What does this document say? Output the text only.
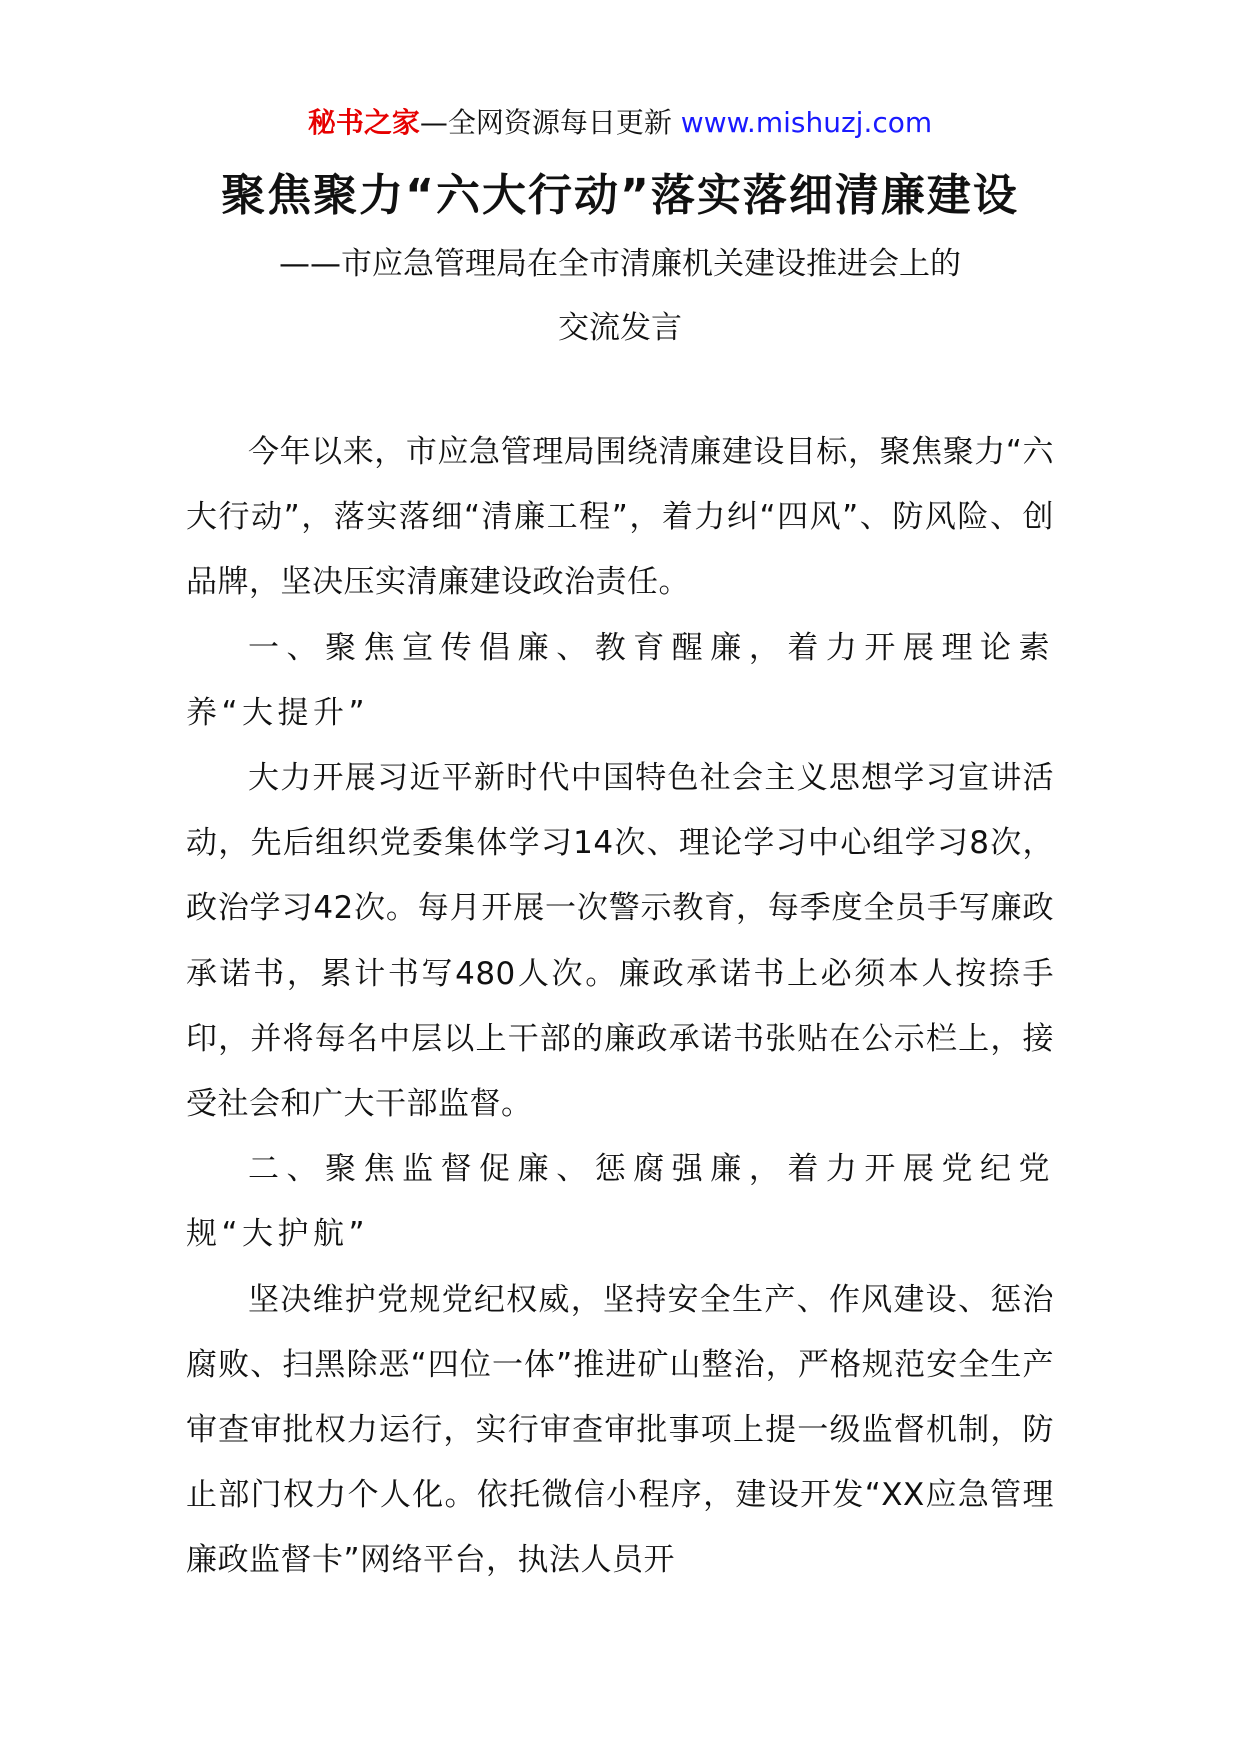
秘书之家—全网资源每日更新 www.mishuzj.com
聚焦聚力“六大行动”落实落细清廉建设
——市应急管理局在全市清廉机关建设推进会上的
交流发言

今年以来，市应急管理局围绕清廉建设目标，聚焦聚力“六大行动”，落实落细“清廉工程”，着力纠“四风”、防风险、创品牌，坚决压实清廉建设政治责任。

一、聚焦宣传倡廉、教育醒廉，着力开展理论素养“大提升”

大力开展习近平新时代中国特色社会主义思想学习宣讲活动，先后组织党委集体学习14次、理论学习中心组学习8次，政治学习42次。每月开展一次警示教育，每季度全员手写廉政承诺书，累计书写480人次。廉政承诺书上必须本人按捺手印，并将每名中层以上干部的廉政承诺书张贴在公示栏上，接受社会和广大干部监督。

二、聚焦监督促廉、惩腐强廉，着力开展党纪党规“大护航”

坚决维护党规党纪权威，坚持安全生产、作风建设、惩治腐败、扫黑除恶“四位一体”推进矿山整治，严格规范安全生产审查审批权力运行，实行审查审批事项上提一级监督机制，防止部门权力个人化。依托微信小程序，建设开发“XX应急管理廉政监督卡”网络平台，执法人员开
